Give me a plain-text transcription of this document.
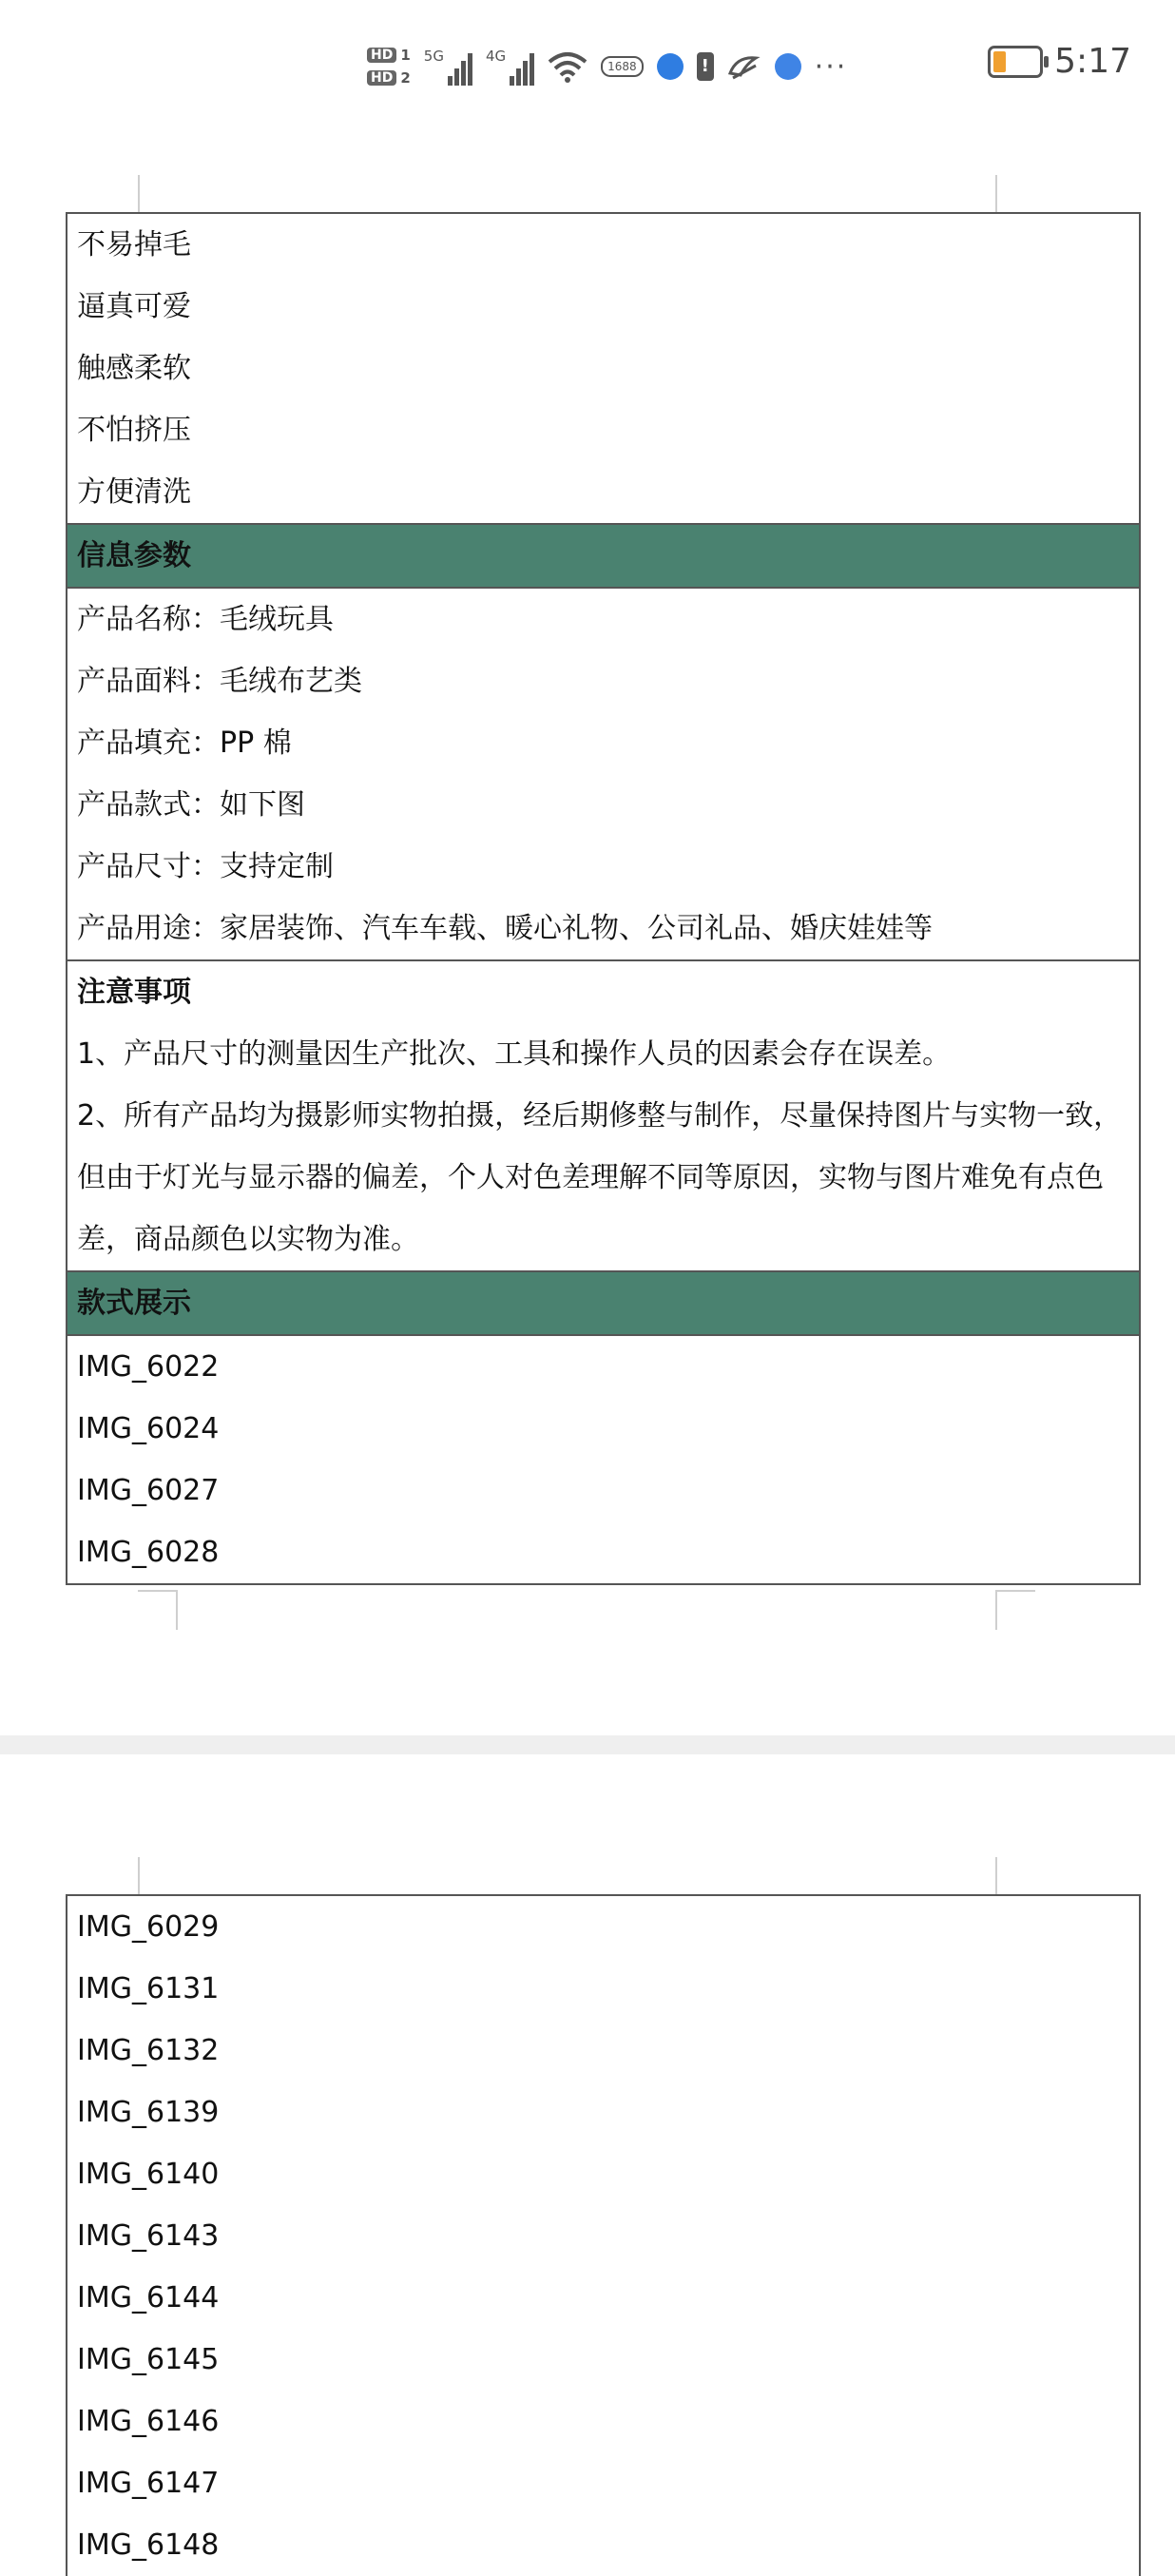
HD 1
HD 2
5G	4G
1688	!	···	5:17
不易掉毛
逼真可爱
触感柔软
不怕挤压
方便清洗
信息参数
产品名称：毛绒玩具
产品面料：毛绒布艺类
产品填充：PP 棉
产品款式：如下图
产品尺寸：支持定制
产品用途：家居装饰、汽车车载、暖心礼物、公司礼品、婚庆娃娃等
注意事项
1、产品尺寸的测量因生产批次、工具和操作人员的因素会存在误差。
2、所有产品均为摄影师实物拍摄，经后期修整与制作，尽量保持图片与实物一致，
但由于灯光与显示器的偏差，个人对色差理解不同等原因，实物与图片难免有点色
差，商品颜色以实物为准。
款式展示
IMG_6022
IMG_6024
IMG_6027
IMG_6028
IMG_6029
IMG_6131
IMG_6132
IMG_6139
IMG_6140
IMG_6143
IMG_6144
IMG_6145
IMG_6146
IMG_6147
IMG_6148
